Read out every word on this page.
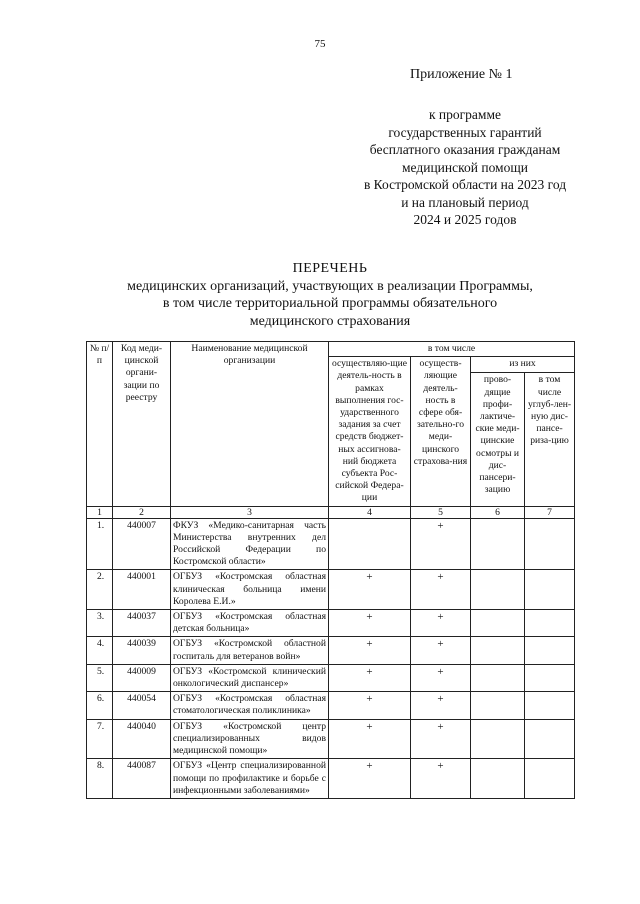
75
Приложение № 1
к программе
государственных гарантий
бесплатного оказания гражданам
медицинской помощи
в Костромской области на 2023 год
и на плановый период
2024 и 2025 годов
ПЕРЕЧЕНЬ
медицинских организаций, участвующих в реализации Программы,
в том числе территориальной программы обязательного
медицинского страхования
№ п/п	Код меди-цинской органи-зации по реестру	Наименование медицинской организации	в том числе			
			осуществляю-щие деятель-ность в рамках выполнения гос-ударственного задания за счет средств бюджет-ных ассигнова-ний бюджета субъекта Рос-сийской Федера-ции	осуществ-ляющие деятель-ность в сфере обя-зательно-го меди-цинского страхова-ния	из них	
					прово-дящие профи-лактиче-ские меди-цинские осмотры и дис-пансери-зацию	в том числе углуб-лен-ную дис-пансе-риза-цию
1	2	3	4	5	6	7
1.	440007	ФКУЗ «Медико-санитарная часть Министерства внутренних дел Российской Федерации по Костромской области»		+		
2.	440001	ОГБУЗ «Костромская областная клиническая больница имени Королева Е.И.»	+	+		
3.	440037	ОГБУЗ «Костромская областная детская больница»	+	+		
4.	440039	ОГБУЗ «Костромской областной госпиталь для ветеранов войн»	+	+		
5.	440009	ОГБУЗ «Костромской клинический онкологический диспансер»	+	+		
6.	440054	ОГБУЗ «Костромская областная стоматологическая поликлиника»	+	+		
7.	440040	ОГБУЗ «Костромской центр специализированных видов медицинской помощи»	+	+		
8.	440087	ОГБУЗ «Центр специализированной помощи по профилактике и борьбе с инфекционными заболеваниями»	+	+		
